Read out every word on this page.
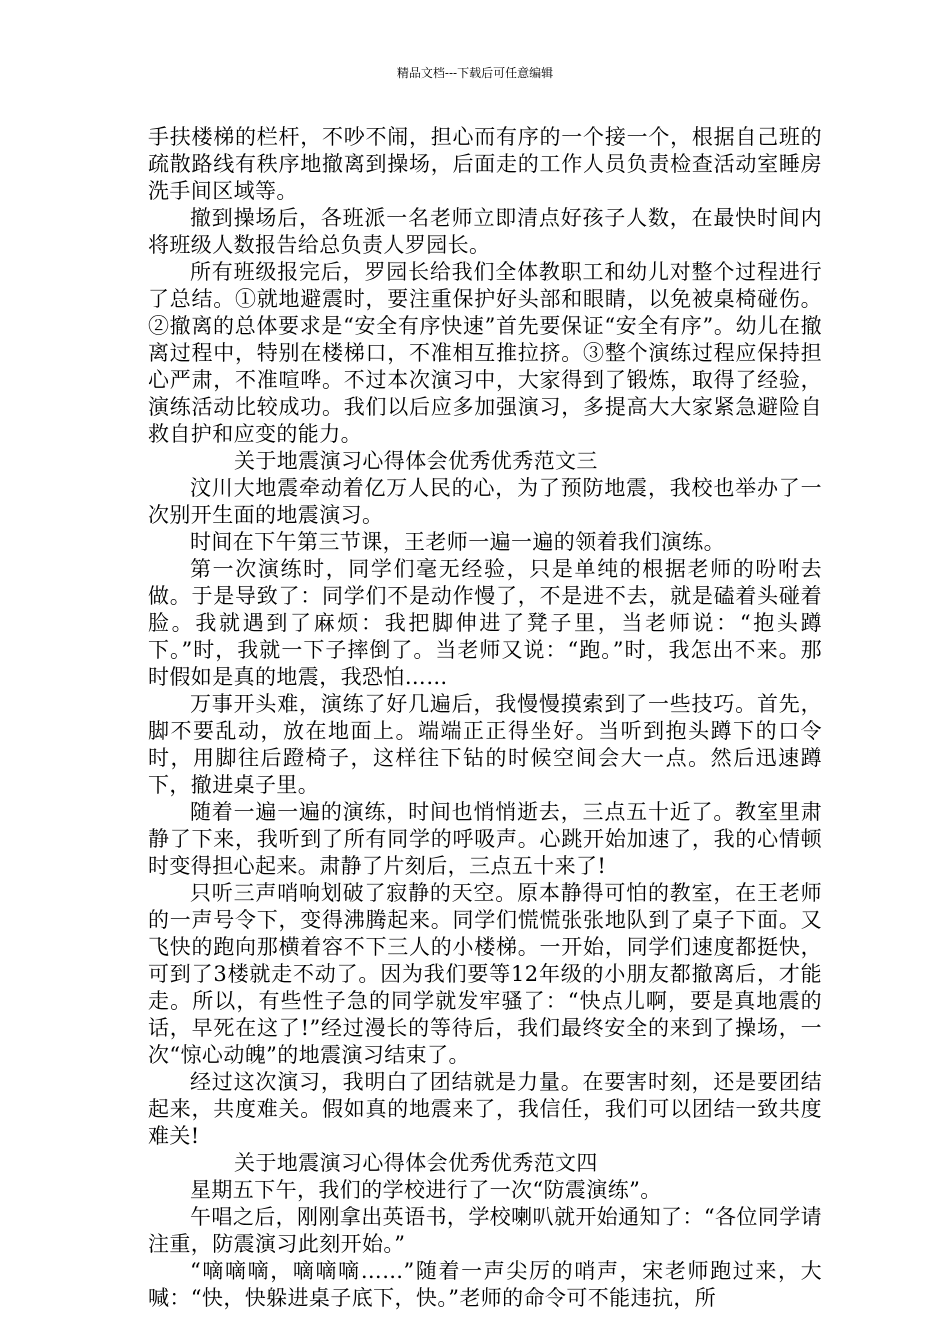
精品文档---下载后可任意编辑

手扶楼梯的栏杆，不吵不闹，担心而有序的一个接一个，根据自己班的疏散路线有秩序地撤离到操场，后面走的工作人员负责检查活动室睡房洗手间区域等。

撤到操场后，各班派一名老师立即清点好孩子人数，在最快时间内将班级人数报告给总负责人罗园长。

所有班级报完后，罗园长给我们全体教职工和幼儿对整个过程进行了总结。①就地避震时，要注重保护好头部和眼睛，以免被桌椅碰伤。②撤离的总体要求是“安全有序快速”首先要保证“安全有序”。幼儿在撤离过程中，特别在楼梯口，不准相互推拉挤。③整个演练过程应保持担心严肃，不准喧哗。不过本次演习中，大家得到了锻炼，取得了经验，演练活动比较成功。我们以后应多加强演习，多提高大大家紧急避险自救自护和应变的能力。

关于地震演习心得体会优秀优秀范文三

汶川大地震牵动着亿万人民的心，为了预防地震，我校也举办了一次别开生面的地震演习。

时间在下午第三节课，王老师一遍一遍的领着我们演练。

第一次演练时，同学们毫无经验，只是单纯的根据老师的吩咐去做。于是导致了：同学们不是动作慢了，不是进不去，就是磕着头碰着脸。我就遇到了麻烦：我把脚伸进了凳子里，当老师说：“抱头蹲下。”时，我就一下子摔倒了。当老师又说：“跑。”时，我怎出不来。那时假如是真的地震，我恐怕……

万事开头难，演练了好几遍后，我慢慢摸索到了一些技巧。首先，脚不要乱动，放在地面上。端端正正得坐好。当听到抱头蹲下的口令时，用脚往后蹬椅子，这样往下钻的时候空间会大一点。然后迅速蹲下，撤进桌子里。

随着一遍一遍的演练，时间也悄悄逝去，三点五十近了。教室里肃静了下来，我听到了所有同学的呼吸声。心跳开始加速了，我的心情顿时变得担心起来。肃静了片刻后，三点五十来了!

只听三声哨响划破了寂静的天空。原本静得可怕的教室，在王老师的一声号令下，变得沸腾起来。同学们慌慌张张地队到了桌子下面。又飞快的跑向那横着容不下三人的小楼梯。一开始，同学们速度都挺快，可到了3楼就走不动了。因为我们要等12年级的小朋友都撤离后，才能走。所以，有些性子急的同学就发牢骚了：“快点儿啊，要是真地震的话，早死在这了!”经过漫长的等待后，我们最终安全的来到了操场，一次“惊心动魄”的地震演习结束了。

经过这次演习，我明白了团结就是力量。在要害时刻，还是要团结起来，共度难关。假如真的地震来了，我信任，我们可以团结一致共度难关!

关于地震演习心得体会优秀优秀范文四

星期五下午，我们的学校进行了一次“防震演练”。

午唱之后，刚刚拿出英语书，学校喇叭就开始通知了：“各位同学请注重，防震演习此刻开始。”

“嘀嘀嘀，嘀嘀嘀……”随着一声尖厉的哨声，宋老师跑过来，大喊：“快，快躲进桌子底下，快。”老师的命令可不能违抗，所
